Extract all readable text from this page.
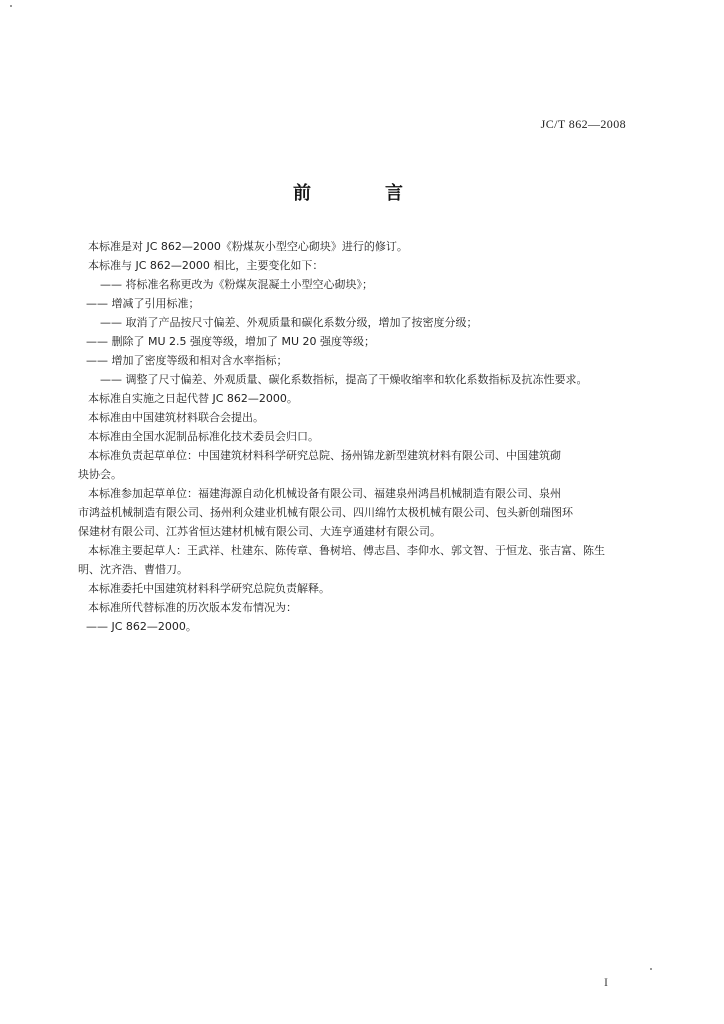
JC/T 862—2008
前　言
本标准是对 JC 862—2000《粉煤灰小型空心砌块》进行的修订。
本标准与 JC 862—2000 相比，主要变化如下：
—— 将标准名称更改为《粉煤灰混凝土小型空心砌块》；
—— 增减了引用标准；
—— 取消了产品按尺寸偏差、外观质量和碳化系数分级，增加了按密度分级；
—— 删除了 MU 2.5 强度等级，增加了 MU 20 强度等级；
—— 增加了密度等级和相对含水率指标；
—— 调整了尺寸偏差、外观质量、碳化系数指标，提高了干燥收缩率和软化系数指标及抗冻性要求。
本标准自实施之日起代替 JC 862—2000。
本标准由中国建筑材料联合会提出。
本标准由全国水泥制品标准化技术委员会归口。
本标准负责起草单位：中国建筑材料科学研究总院、扬州锦龙新型建筑材料有限公司、中国建筑砌
块协会。
本标准参加起草单位：福建海源自动化机械设备有限公司、福建泉州鸿昌机械制造有限公司、泉州
市鸿益机械制造有限公司、扬州利众建业机械有限公司、四川绵竹太极机械有限公司、包头新创瑞图环
保建材有限公司、江苏省恒达建材机械有限公司、大连亨通建材有限公司。
本标准主要起草人：王武祥、杜建东、陈传章、鲁树培、傅志昌、李仰水、郭文智、于恒龙、张吉富、陈生
明、沈齐浩、曹惜刀。
本标准委托中国建筑材料科学研究总院负责解释。
本标准所代替标准的历次版本发布情况为：
—— JC 862—2000。
I
